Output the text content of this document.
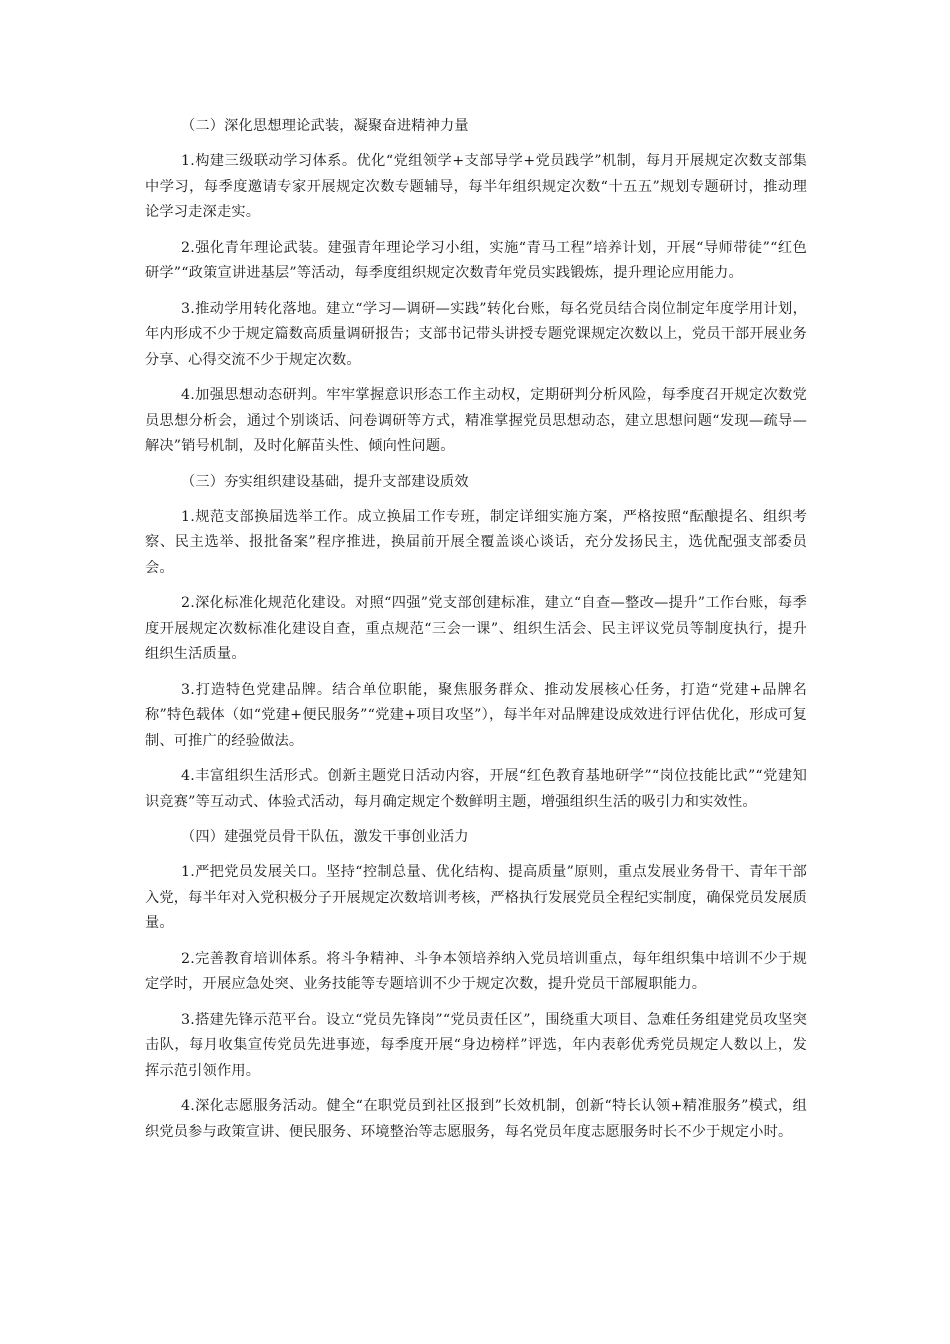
（二）深化思想理论武装，凝聚奋进精神力量

1.构建三级联动学习体系。优化“党组领学+支部导学+党员践学”机制，每月开展规定次数支部集中学习，每季度邀请专家开展规定次数专题辅导，每半年组织规定次数“十五五”规划专题研讨，推动理论学习走深走实。

2.强化青年理论武装。建强青年理论学习小组，实施“青马工程”培养计划，开展“导师带徒”“红色研学”“政策宣讲进基层”等活动，每季度组织规定次数青年党员实践锻炼，提升理论应用能力。

3.推动学用转化落地。建立“学习—调研—实践”转化台账，每名党员结合岗位制定年度学用计划，年内形成不少于规定篇数高质量调研报告；支部书记带头讲授专题党课规定次数以上，党员干部开展业务分享、心得交流不少于规定次数。

4.加强思想动态研判。牢牢掌握意识形态工作主动权，定期研判分析风险，每季度召开规定次数党员思想分析会，通过个别谈话、问卷调研等方式，精准掌握党员思想动态，建立思想问题“发现—疏导—解决”销号机制，及时化解苗头性、倾向性问题。

（三）夯实组织建设基础，提升支部建设质效

1.规范支部换届选举工作。成立换届工作专班，制定详细实施方案，严格按照“酝酿提名、组织考察、民主选举、报批备案”程序推进，换届前开展全覆盖谈心谈话，充分发扬民主，选优配强支部委员会。

2.深化标准化规范化建设。对照“四强”党支部创建标准，建立“自查—整改—提升”工作台账，每季度开展规定次数标准化建设自查，重点规范“三会一课”、组织生活会、民主评议党员等制度执行，提升组织生活质量。

3.打造特色党建品牌。结合单位职能，聚焦服务群众、推动发展核心任务，打造“党建+品牌名称”特色载体（如“党建+便民服务”“党建+项目攻坚”），每半年对品牌建设成效进行评估优化，形成可复制、可推广的经验做法。

4.丰富组织生活形式。创新主题党日活动内容，开展“红色教育基地研学”“岗位技能比武”“党建知识竞赛”等互动式、体验式活动，每月确定规定个数鲜明主题，增强组织生活的吸引力和实效性。

（四）建强党员骨干队伍，激发干事创业活力

1.严把党员发展关口。坚持“控制总量、优化结构、提高质量”原则，重点发展业务骨干、青年干部入党，每半年对入党积极分子开展规定次数培训考核，严格执行发展党员全程纪实制度，确保党员发展质量。

2.完善教育培训体系。将斗争精神、斗争本领培养纳入党员培训重点，每年组织集中培训不少于规定学时，开展应急处突、业务技能等专题培训不少于规定次数，提升党员干部履职能力。

3.搭建先锋示范平台。设立“党员先锋岗”“党员责任区”，围绕重大项目、急难任务组建党员攻坚突击队，每月收集宣传党员先进事迹，每季度开展“身边榜样”评选，年内表彰优秀党员规定人数以上，发挥示范引领作用。

4.深化志愿服务活动。健全“在职党员到社区报到”长效机制，创新“特长认领+精准服务”模式，组织党员参与政策宣讲、便民服务、环境整治等志愿服务，每名党员年度志愿服务时长不少于规定小时。
